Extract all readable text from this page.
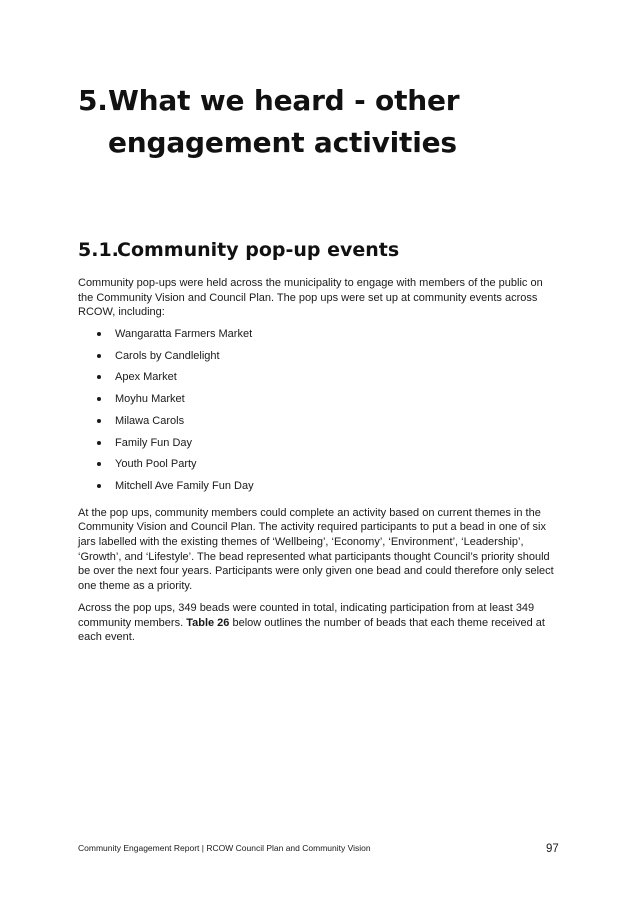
5. What we heard - other
engagement activities
5.1.Community pop-up events

Community pop-ups were held across the municipality to engage with members of the public on the Community Vision and Council Plan. The pop ups were set up at community events across RCOW, including:

Wangaratta Farmers Market
Carols by Candlelight
Apex Market
Moyhu Market
Milawa Carols
Family Fun Day
Youth Pool Party
Mitchell Ave Family Fun Day

At the pop ups, community members could complete an activity based on current themes in the Community Vision and Council Plan. The activity required participants to put a bead in one of six jars labelled with the existing themes of ‘Wellbeing’, ‘Economy’, ‘Environment’, ‘Leadership’, ‘Growth’, and ‘Lifestyle’. The bead represented what participants thought Council’s priority should be over the next four years. Participants were only given one bead and could therefore only select one theme as a priority.

Across the pop ups, 349 beads were counted in total, indicating participation from at least 349 community members. Table 26 below outlines the number of beads that each theme received at each event.

Community Engagement Report | RCOW Council Plan and Community Vision	97
